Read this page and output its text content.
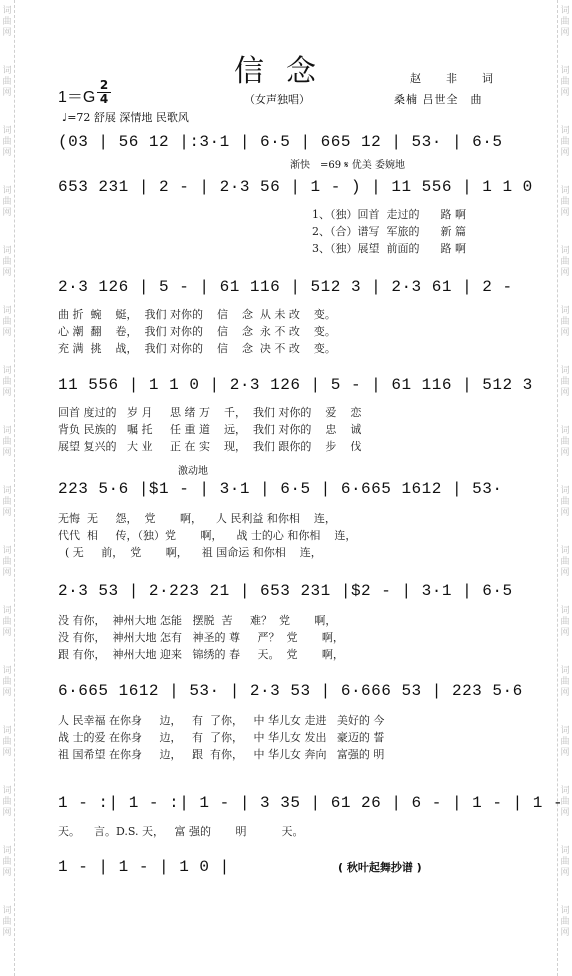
词
曲
网
词
曲
网
词
曲
网
词
曲
网
词
曲
网
词
曲
网
词
曲
网
词
曲
网
词
曲
网
词
曲
网
词
曲
网
词
曲
网
词
曲
网
词
曲
网
词
曲
网
词
曲
网
词
曲
网
词
曲
网
词
曲
网
词
曲
网
词
曲
网
词
曲
网
词
曲
网
词
曲
网
词
曲
网
词
曲
网
词
曲
网
词
曲
网
词
曲
网
词
曲
网
词
曲
网
词
曲
网
信念
（女声独唱）
赵　　非　　词
桑楠 吕世全　曲
1＝G
2
4
♩=72 舒展 深情地 民歌风
(03 | 56 12 |:3·1 | 6·5 | 665 12 | 53· | 6·5
渐快　=69 𝄋 优美 委婉地
653 231 | 2 - | 2·3 56 | 1 - ) | 11 556 | 1 1 0
1、（独）回首  走过的      路 啊
2、（合）谱写  军旅的      新 篇
3、（独）展望  前面的      路 啊
2·3 126 | 5 - | 61 116 | 512 3 | 2·3 61 | 2 -
曲 折  蜿    蜓，  我们 对你的    信    念  从 未 改    变。
心 潮  翻    卷，  我们 对你的    信    念  永 不 改    变。
充 满  挑    战，  我们 对你的    信    念  决 不 改    变。
11 556 | 1 1 0 | 2·3 126 | 5 - | 61 116 | 512 3
回首 度过的   岁 月     思 绪 万    千，  我们 对你的    爱    恋
背负 民族的   嘱 托     任 重 道    远，  我们 对你的    忠    诚
展望 复兴的   大 业     正 在 实    现，  我们 跟你的    步    伐
激动地
223 5·6 |$1 - | 3·1 | 6·5 | 6·665 1612 | 53·
无悔  无     怨，  党       啊，    人 民利益 和你相    连，
代代  相     传，（独）党       啊，    战 士的心 和你相    连，
( 无     前，  党       啊，    祖 国命运 和你相    连，
2·3 53 | 2·223 21 | 653 231 |$2 - | 3·1 | 6·5
没 有你，  神州大地 怎能   摆脱  苦     难？  党       啊，
没 有你，  神州大地 怎有   神圣的 尊     严？  党       啊，
跟 有你，  神州大地 迎来   锦绣的 春     天。  党       啊，
6·665 1612 | 53· | 2·3 53 | 6·666 53 | 223 5·6
人 民幸福 在你身     边，   有  了你，   中 华儿女 走进   美好的 今
战 士的爱 在你身     边，   有  了你，   中 华儿女 发出   豪迈的 誓
祖 国希望 在你身     边，   跟  有你，   中 华儿女 奔向   富强的 明
1 - :| 1 - :| 1 - | 3 35 | 61 26 | 6 - | 1 - | 1 -
天。    言。D.S. 天，   富 强的       明          天。
1 - | 1 - | 1 0 |	( 秋叶起舞抄谱 )
